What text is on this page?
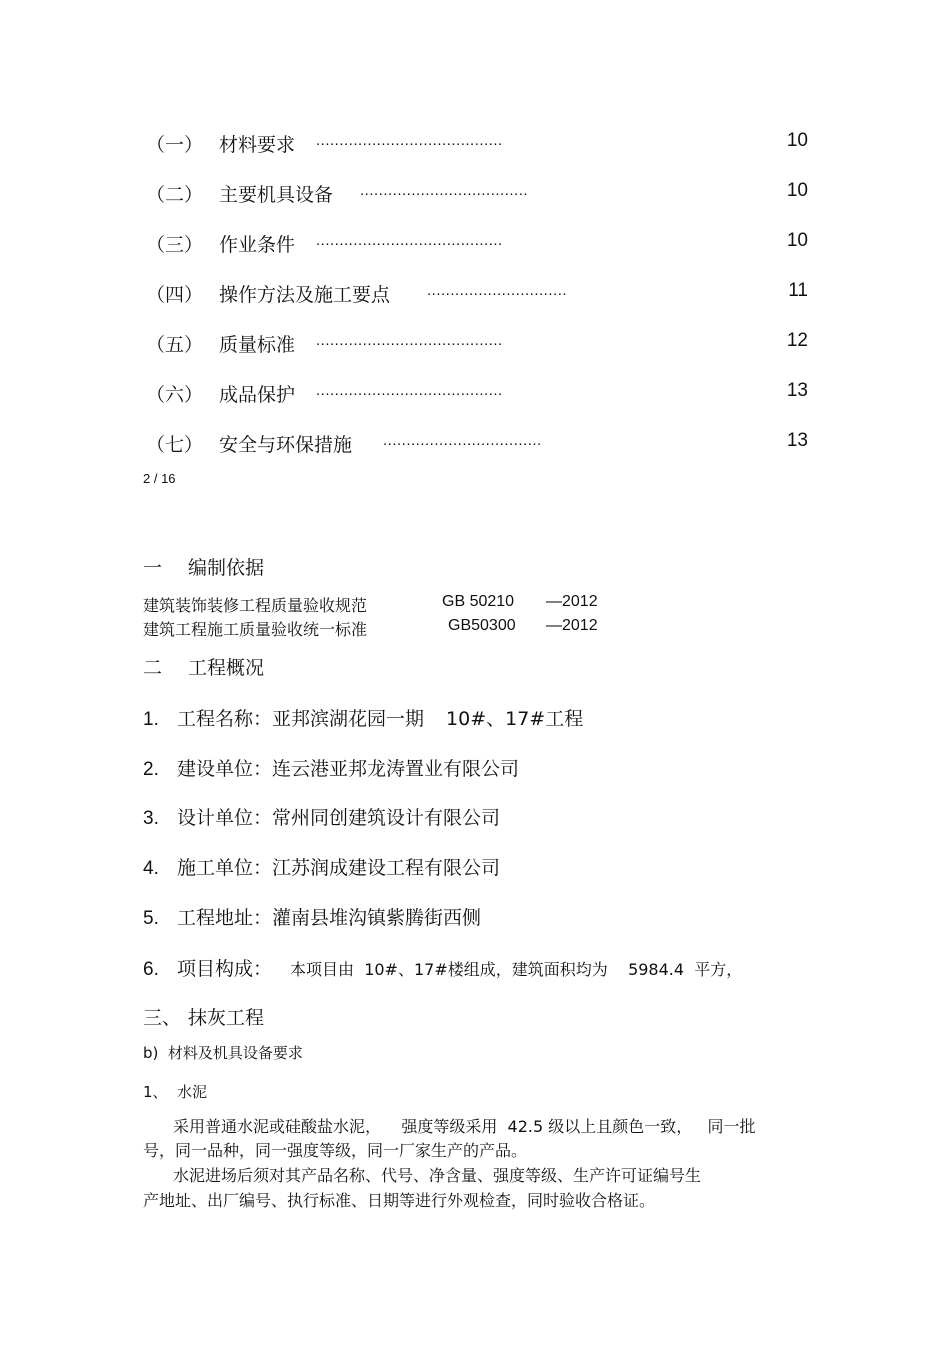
（一） 材料要求 ........................................	10
（二） 主要机具设备 ....................................	10
（三） 作业条件 ........................................	10
（四） 操作方法及施工要点 ..............................	11
（五） 质量标准 ........................................	12
（六） 成品保护 ........................................	13
（七） 安全与环保措施 ..................................	13
2 / 16
一 编制依据
建筑装饰装修工程质量验收规范	GB 50210 —2012
建筑工程施工质量验收统一标准	GB50300 —2012
二 工程概况
1. 工程名称：亚邦滨湖花园一期 10#、17#工程
2. 建设单位：连云港亚邦龙涛置业有限公司
3. 设计单位：常州同创建筑设计有限公司
4. 施工单位：江苏润成建设工程有限公司
5. 工程地址：灌南县堆沟镇紫腾街西侧
6. 项目构成： 本项目由  10#、17#楼组成，建筑面积均为    5984.4  平方，
三、 抹灰工程
b)  材料及机具设备要求
1、  水泥
采用普通水泥或硅酸盐水泥，    强度等级采用  42.5 级以上且颜色一致，   同一批
号，同一品种，同一强度等级，同一厂家生产的产品。
水泥进场后须对其产品名称、代号、净含量、强度等级、生产许可证编号生
产地址、出厂编号、执行标准、日期等进行外观检查，同时验收合格证。
